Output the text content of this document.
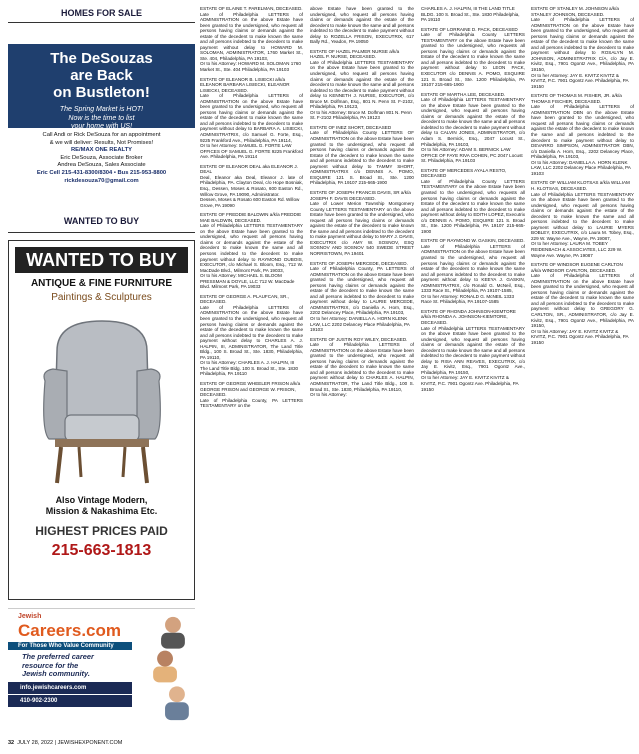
HOMES FOR SALE
The DeSouzas
are Back
on Bustleton!
The Spring Market is HOT!
Now is the time to list
your home with US!
Call Andi or Rick DeSouza for an appointment
& we will deliver: Results, Not Promises!
RE/MAX ONE REALTY
Eric DeSouza, Associate Broker
Andrea DeSouza, Sales Associate
Eric Cell 215-431-8300/8304 • Bus 215-953-8800
rickdesouza70@gmail.com
WANTED TO BUY
WANTED TO BUY
ANTIQUE & FINE FURNITURE
Paintings & Sculptures
Also Vintage Modern,
Mission & Nakashima Etc.
HIGHEST PRICES PAID
215-663-1813
Jewish
Careers.com
For Those Who Value Community
The preferred career
resource for the
Jewish community.
info.jewishcareers.com
410-902-2300
ESTATE OF ELAINE T. PARELMAN, DECEASED.
Late of Philadelphia LETTERS of ADMINISTRATION on the above Estate have been granted to the undersigned, who request all persons having claims or demands against the estate of the decedent to make known the same and all persons indebted to the decedent to make payment without delay to HOWARD M. SOLOMAN, ADMINISTRATOR, 1760 Market St., Ste. 404, Philadelphia, PA 19103,
Or to his Attorney: HOWARD M. SOLOMAN 1760 Market St., Ste. 404 Philadelphia, PA 19103
ESTATE OF ELEANOR B. LISIECKI a/k/a ELEANOR BARBARA LISIECKI, ELEANOR LISIECKI, DECEASED.
Late of Philadelphia LETTERS of ADMINISTRATION on the above Estate have been granted to the undersigned, who request all persons having claims or demands against the estate of the decedent to make known the same and all persons indebted to the decedent to make payment without delay to BARBARA A. LISIECKI, ADMINISTRATRIX, c/o Samuel G. Forte, Esq., 9225 Frankford Ave., Philadelphia, PA 19114,
Or to her Attorney: SAMUEL G. FORTE LAW OFFICES OF SAMUEL G. FORTE 9225 Frankford Ave. Philadelphia, PA 19114
ESTATE OF ELEANOR DEAL aka ELEANOR J. DEAL
Deal, Eleanor aka Deal, Eleanor J. late of Philadelphia, PA. Clayton Deal, c/o Hope Bosniak, Esq., Dessen, Moses & Rosato, 600 Easton Rd., Willow Grove, PA 19090, Administrator.
Dessen, Moses & Rosato 600 Easton Rd. Willow Grove, PA 19090
ESTATE OF FREDDIE BALDWIN a/k/a FREDDIE MAE BALDWIN, DECEASED.
Late of Philadelphia LETTERS TESTAMENTARY on the above Estate have been granted to the undersigned, who request all persons having claims or demands against the estate of the decedent to make known the same and all persons indebted to the decedent to make payment without delay to RAYMOND DUBOIS, EXECUTOR, c/o Michael S. Bloom, Esq., 712 W. MacDade Blvd., Milmont Park, PA 19033,
Or to his Attorney: MICHAEL S. BLOOM PRESSMAN & DOYLE, LLC 712 W. MacDade Blvd. Milmont Park, PA 19033
ESTATE OF GEORGE A. PLAUFCAN, SR., DECEASED.
Late of Philadelphia LETTERS of ADMINISTRATION on the above Estate have been granted to the undersigned, who request all persons having claims or demands against the estate of the decedent to make known the same and all persons indebted to the decedent to make payment without delay to CHARLES A. J. HALPIN, III, ADMINISTRATOR, The Land Title Bldg., 100 S. Broad St., Ste. 1830, Philadelphia, PA 19110,
Or to his Attorney: CHARLES A. J. HALPIN, III The Land Title Bldg. 100 S. Broad St., Ste. 1830 Philadelphia, PA 19110
ESTATE OF GEORGE WHEELER FRISON a/k/a GEORGE FRISON and GEORGE W. FRISON, DECEASED.
Late of Philadelphia County, PA LETTERS TESTAMENTARY on the
above Estate have been granted to the undersigned, who request all persons having claims or demands against the estate of the decedent to make known the same and all persons indebted to the decedent to make payment without delay to ROZELLA FRISON, EXECUTRIX, 617 Bally Rd., Yeadon, PA 19050
ESTATE OF HAZEL PALMER NURSE a/k/a HAZEL P. NURSE, DECEASED.
Late of Philadelphia LETTERS TESTAMENTARY on the above Estate have been granted to the undersigned, who request all persons having claims or demands against the estate of the decedent to make known the same and all persons indebted to the decedent to make payment without delay to KENNETH J. NURSE, EXECUTOR, c/o Bruce M. Dolfman, Esq., 801 N. Penn St. F-2102, Philadelphia, PA 19123,
Or to his Attorney: Bruce M. Dolfman 801 N. Penn St. F-2102 Philadelphia, PA 19123
ESTATE OF INEZ SHORT, DECEASED
Late of Philadelphia County LETTERS OF ADMINISTRATION on the above Estate have been granted to the undersigned, who request all persons having claims or demands against the Estate of the decedent to make known the same and all persons indebted to the decedent to make payment without delay to TAMMY SHORT, ADMINISTRATRIX c/o DENNIS A. POMO, ESQUIRE 121 S. Broad St., Ste. 1200 Philadelphia, PA 19107 215-665-1900
ESTATE OF JOSEPH FRANCIS DAVIS, SR a/k/a JOSEPH F. DAVIS DECEASED.
Late of Lower Merion Township Montgomery County LETTERS TESTAMENTARY on the above Estate have been granted to the undersigned, who request all persons having claims or demands against the estate of the decedent to make known the same and all persons indebted to the decedent to make payment without delay to MARY J. DAVIS, EXECUTRIX c/o AMY W. SOSNOV, ESQ SOSNOV AND SOSNOV 540 SWEDE STREET NORRISTOWN, PA 19401
ESTATE OF JOSEPH MERCEDE, DECEASED.
Late of Philadelphia County, PA LETTERS of ADMINISTRATION on the above Estate have been granted to the undersigned, who request all persons having claims or demands against the estate of the decedent to make known the same and all persons indebted to the decedent to make payment without delay to LAURIE MERCEDE, ADMINISTRATRIX, c/o Daniella A. Horn, Esq., 2202 Delancey Place, Philadelphia, PA 19103,
Or to her Attorney: DANIELLA A. HORN KLENK LAW, LLC 2202 Delancey Place Philadelphia, PA 19103
ESTATE OF JUSTIN ROY WILEY, DECEASED.
Late of Philadelphia LETTERS of ADMINISTRATION on the above Estate have been granted to the undersigned, who request all persons having claims or demands against the estate of the decedent to make known the same and all persons indebted to the decedent to make payment without delay to CHARLES A. HALPIN, ADMINISTRATOR, The Land Title Bldg., 100 S. Broad St., Ste. 1830, Philadelphia, PA 19110,
Or to his Attorney:
CHARLES A. J. HALPIN, III THE LAND TITLE BLDG. 100 S. Broad St., Ste. 1830 Philadelphia, PA 19110
ESTATE OF LORRAINE D. PACK, DECEASED
Late of Philadelphia County LETTERS TESTAMENTARY on the above Estate have been granted to the undersigned, who requests all persons having claims or demands against the Estate of the decedent to make known the same and all persons indebted to the decedent to make payment without delay to LEON PACK, EXECUTOR c/o DENNIS A. POMO, ESQUIRE 121 S. Broad St., Ste. 1200 Philadelphia, PA 19107 215-665-1900
ESTATE OF MARTHA LEE, DECEASED.
Late of Philadelphia LETTERS TESTAMENTARY on the above Estate have been granted to the undersigned, who request all persons having claims or demands against the estate of the decedent to make known the same and all persons indebted to the decedent to make payment without delay to CALVIN JONES, ADMINISTRATOR, c/o Adam S. Bernick, Esq., 2047 Locust St., Philadelphia, PA 19103,
Or to his Attorney: ADAM S. BERNICK LAW OFFICE OF FAYE RIVA COHEN, PC 2047 Locust St. Philadelphia, PA 19103
ESTATE OF MERCEDES AYALA RESTO, DECEASED
Late of Philadelphia County LETTERS TESTAMENTARY on the above Estate have been granted to the undersigned, who requests all persons having claims or demands against the Estate of the decedent to make known the same and all persons indebted to the decedent to make payment without delay to EDITH LOPEZ, Executrix c/o DENNIS A. POMO, ESQUIRE 121 S. Broad St., Ste. 1200 Philadelphia, PA 19107 215-665-1900
ESTATE OF RAYMOND W. GASKIN, DECEASED.
Late of Philadelphia LETTERS of ADMINISTRATION on the above Estate have been granted to the undersigned, who request all persons having claims or demands against the estate of the decedent to make known the same and all persons indebted to the decedent to make payment without delay to KEEYA J. GASKIN, ADMINISTRATRIX, c/o Ronald G. McNeil, Esq., 1333 Race St., Philadelphia, PA 19107-1585,
Or to her Attorney: RONALD G. McNEIL 1333 Race St. Philadelphia, PA 19107-1585
ESTATE OF RHONDA JOHNSON-KIEMTORE a/k/a RHONDA A. JOHNSON-KIEMTORE, DECEASED.
Late of Philadelphia LETTERS TESTAMENTARY on the above Estate have been granted to the undersigned, who request all persons having claims or demands against the estate of the decedent to make known the same and all persons indebted to the decedent to make payment without delay to RISA ANN REAVES, EXECUTRIX, c/o Jay E. Kivitz, Esq., 7901 Ogontz Ave., Philadelphia, PA 19150,
Or to her Attorney: JAY E. KIVITZ KIVITZ & KIVITZ, P.C. 7901 Ogontz Ave. Philadelphia, PA 19150
ESTATE OF STANLEY M. JOHNSON a/k/a STANLEY JOHNSON, DECEASED.
Late of Philadelphia LETTERS of ADMINISTRATION on the above Estate have been granted to the undersigned, who request all persons having claims or demands against the estate of the decedent to make known the same and all persons indebted to the decedent to make payment without delay to ROSALYN M. JOHNSON, ADMINISTRATRIX C/A, c/o Jay E. Kivitz, Esq., 7901 Ogontz Ave., Philadelphia, PA 19150,
Or to her Attorney: JAY E. KIVITZ KIVITZ & KIVITZ, P.C. 7901 Ogontz Ave. Philadelphia, PA 19150
ESTATE OF THOMAS M. FISHER, JR. a/k/a THOMAS FISCHER, DECEASED.
Late of Philadelphia LETTERS of ADMINISTRATION DBN on the above Estate have been granted to the undersigned, who request all persons having claims or demands against the estate of the decedent to make known the same and all persons indebted to the decedent to make payment without delay to DEVARRO SIMPSON, ADMINISTRATOR DBN, c/o Daniella A. Horn, Esq., 2202 Delancey Place, Philadelphia, PA 19103,
Or to his Attorney: DANIELLA A. HORN KLENK LAW, LLC 2202 Delancey Place Philadelphia, PA 19103
ESTATE OF WILLIAM KLOTSAS a/k/a WILLIAM H. KLOTSAS, DECEASED.
Late of Philadelphia LETTERS TESTAMENTARY on the above Estate have been granted to the undersigned, who request all persons having claims or demands against the estate of the decedent to make known the same and all persons indebted to the decedent to make payment without delay to LAURIE MYERS BOBLEY, EXECUTRIX, c/o Laura M. Tobey, Esq., 229 W. Wayne Ave., Wayne, PA 19087,
Or to her Attorney: LAURA M. TOBEY REIDENBACH & ASSOCIATES, LLC 229 W. Wayne Ave. Wayne, PA 19087
ESTATE OF WINDSOR EUGENE CARLTON a/k/a WINDSOR CARLTON, DECEASED.
Late of Philadelphia LETTERS of ADMINISTRATION on the above Estate have been granted to the undersigned, who request all persons having claims or demands against the estate of the decedent to make known the same and all persons indebted to the decedent to make payment without delay to GREGORY G. CARLTON, SR., ADMINISTRATOR, c/o Jay E. Kivitz, Esq., 7901 Ogontz Ave., Philadelphia, PA 19150,
Or to his Attorney: JAY E. KIVITZ KIVITZ & KIVITZ, P.C. 7901 Ogontz Ave. Philadelphia, PA 19150
32 JULY 28, 2022 | JEWISHEXPONENT.COM
